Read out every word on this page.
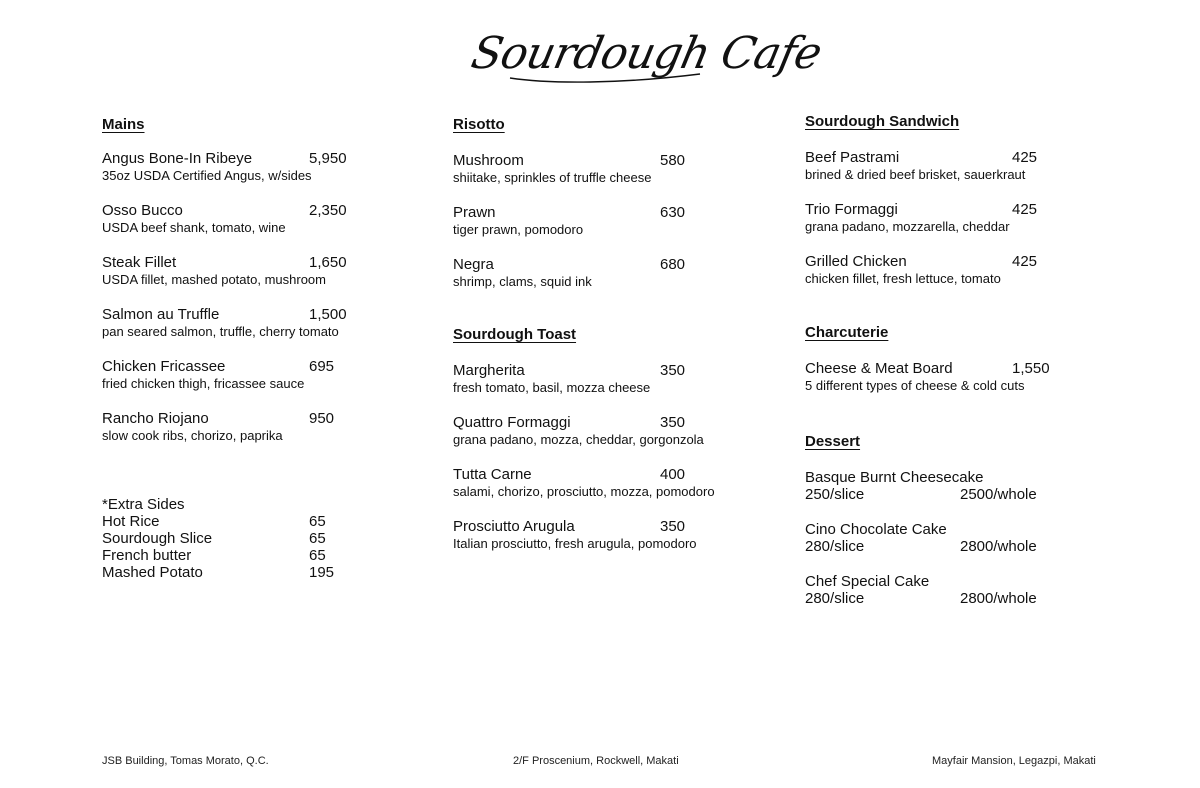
Sourdough Cafe
Mains
Angus Bone-In Ribeye	5,950
35oz USDA Certified Angus, w/sides
Osso Bucco	2,350
USDA beef shank, tomato, wine
Steak Fillet	1,650
USDA fillet, mashed potato, mushroom
Salmon au Truffle	1,500
pan seared salmon, truffle, cherry tomato
Chicken Fricassee	695
fried chicken thigh, fricassee sauce
Rancho Riojano	950
slow cook ribs, chorizo, paprika
*Extra Sides
Hot Rice	65
Sourdough Slice	65
French butter	65
Mashed Potato	195
Risotto
Mushroom	580
shiitake, sprinkles of truffle cheese
Prawn	630
tiger prawn, pomodoro
Negra	680
shrimp, clams, squid ink
Sourdough Toast
Margherita	350
fresh tomato, basil, mozza cheese
Quattro Formaggi	350
grana padano, mozza, cheddar, gorgonzola
Tutta Carne	400
salami, chorizo, prosciutto, mozza, pomodoro
Prosciutto Arugula	350
Italian prosciutto, fresh arugula, pomodoro
Sourdough Sandwich
Beef Pastrami	425
brined & dried beef brisket, sauerkraut
Trio Formaggi	425
grana padano, mozzarella, cheddar
Grilled Chicken	425
chicken fillet, fresh lettuce, tomato
Charcuterie
Cheese & Meat Board	1,550
5 different types of cheese & cold cuts
Dessert
Basque Burnt Cheesecake
250/slice	2500/whole
Cino Chocolate Cake
280/slice	2800/whole
Chef Special Cake
280/slice	2800/whole
JSB Building, Tomas Morato, Q.C.	2/F Proscenium, Rockwell, Makati	Mayfair Mansion, Legazpi, Makati
